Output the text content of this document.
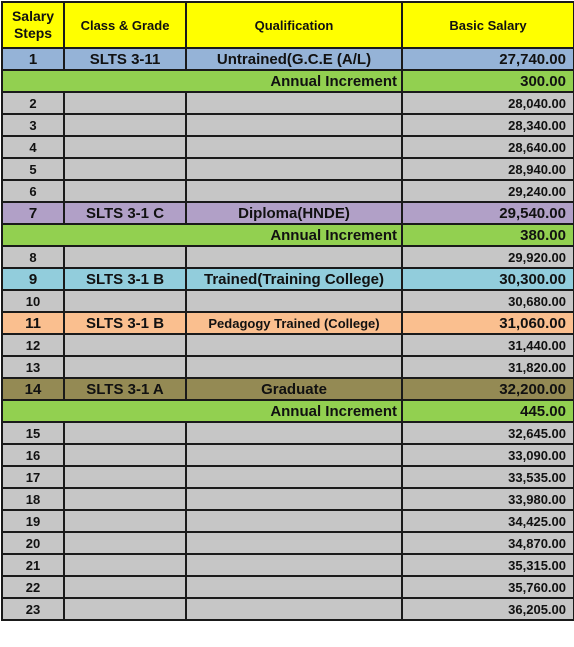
Salary Steps	Class & Grade	Qualification	Basic Salary
1	SLTS 3-11	Untrained(G.C.E (A/L)	27,740.00
Annual Increment			300.00
2			28,040.00
3			28,340.00
4			28,640.00
5			28,940.00
6			29,240.00
7	SLTS 3-1 C	Diploma(HNDE)	29,540.00
Annual Increment			380.00
8			29,920.00
9	SLTS 3-1 B	Trained(Training College)	30,300.00
10			30,680.00
11	SLTS 3-1 B	Pedagogy Trained (College)	31,060.00
12			31,440.00
13			31,820.00
14	SLTS 3-1 A	Graduate	32,200.00
Annual Increment			445.00
15			32,645.00
16			33,090.00
17			33,535.00
18			33,980.00
19			34,425.00
20			34,870.00
21			35,315.00
22			35,760.00
23			36,205.00
